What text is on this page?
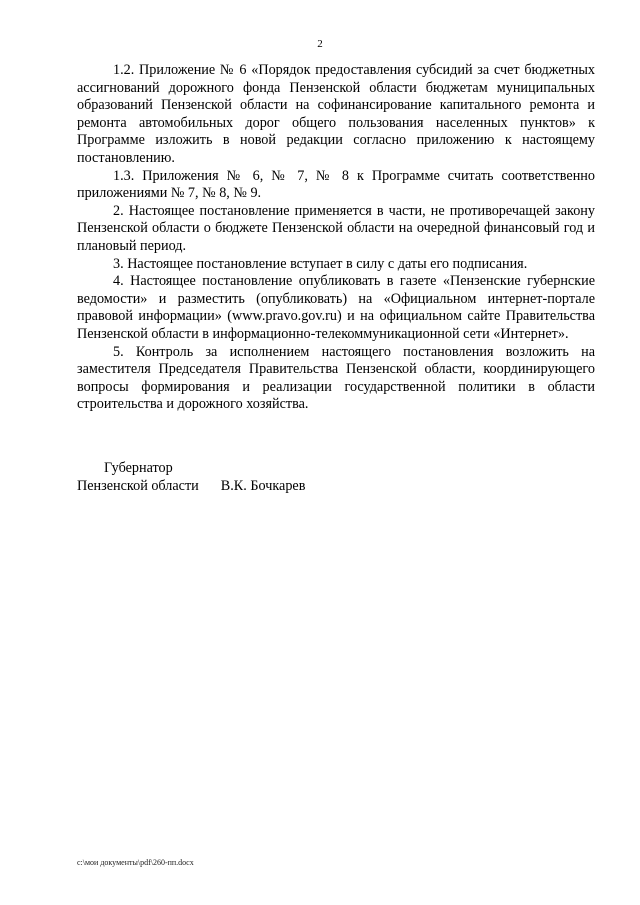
2

1.2. Приложение № 6 «Порядок предоставления субсидий за счет бюджетных ассигнований дорожного фонда Пензенской области бюджетам муниципальных образований Пензенской области на софинансирование капитального ремонта и ремонта автомобильных дорог общего пользования населенных пунктов» к Программе изложить в новой редакции согласно приложению к настоящему постановлению.

1.3. Приложения № 6, № 7, № 8 к Программе считать соответственно приложениями № 7, № 8, № 9.

2. Настоящее постановление применяется в части, не противоречащей закону Пензенской области о бюджете Пензенской области на очередной финансовый год и плановый период.

3. Настоящее постановление вступает в силу с даты его подписания.

4. Настоящее постановление опубликовать в газете «Пензенские губернские ведомости» и разместить (опубликовать) на «Официальном интернет-портале правовой информации» (www.pravo.gov.ru) и на официальном сайте Правительства Пензенской области в информационно-телекоммуникационной сети «Интернет».

5. Контроль за исполнением настоящего постановления возложить на заместителя Председателя Правительства Пензенской области, координирующего вопросы формирования и реализации государственной политики в области строительства и дорожного хозяйства.

Губернатор
Пензенской области В.К. Бочкарев
c:\мои документы\pdf\260-пп.docx
